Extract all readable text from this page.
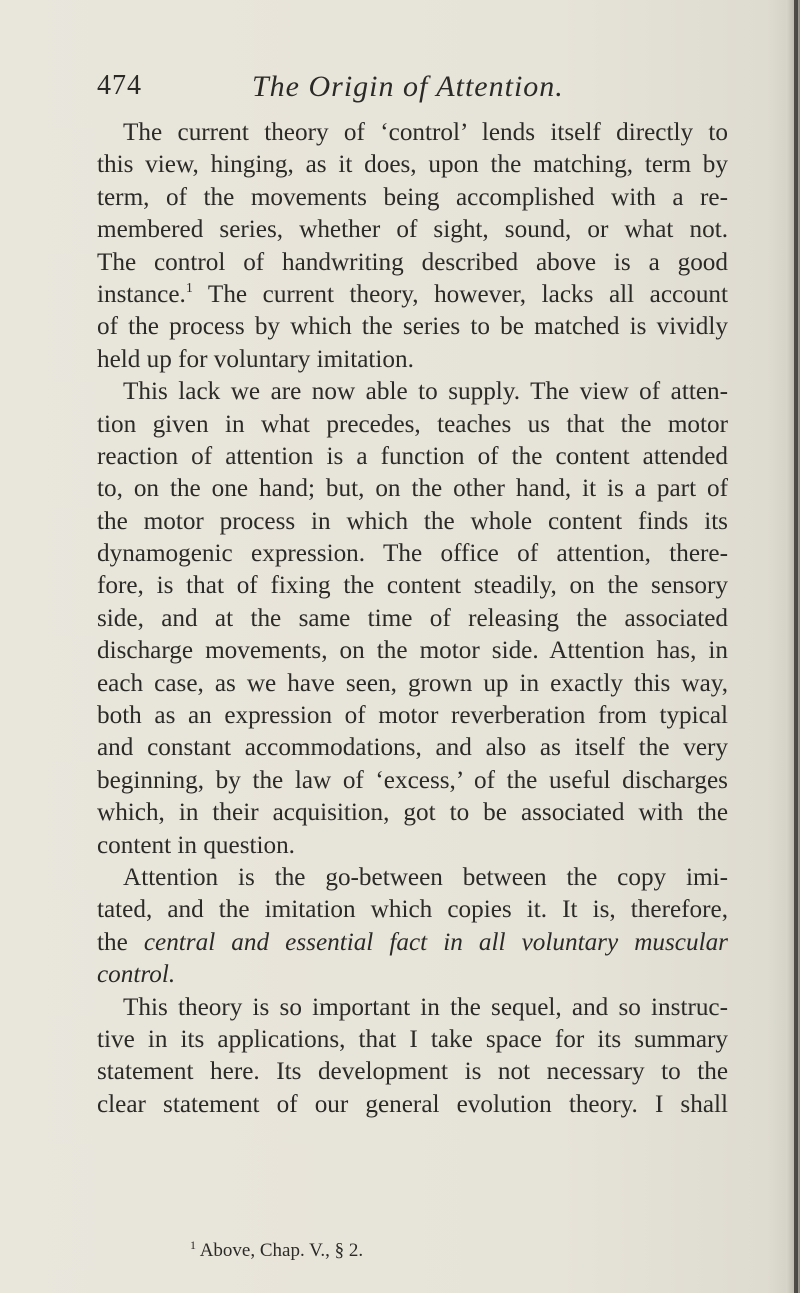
474	The Origin of Attention.
The current theory of ‘control’ lends itself directly to
this view, hinging, as it does, upon the matching, term by
term, of the movements being accomplished with a re-
membered series, whether of sight, sound, or what not.
The control of handwriting described above is a good
instance.$^1$ The current theory, however, lacks all account
of the process by which the series to be matched is vividly
held up for voluntary imitation.
This lack we are now able to supply. The view of atten-
tion given in what precedes, teaches us that the motor
reaction of attention is a function of the content attended
to, on the one hand; but, on the other hand, it is a part of
the motor process in which the whole content finds its
dynamogenic expression. The office of attention, there-
fore, is that of fixing the content steadily, on the sensory
side, and at the same time of releasing the associated
discharge movements, on the motor side. Attention has, in
each case, as we have seen, grown up in exactly this way,
both as an expression of motor reverberation from typical
and constant accommodations, and also as itself the very
beginning, by the law of ‘excess,’ of the useful discharges
which, in their acquisition, got to be associated with the
content in question.
Attention is the go-between between the copy imi-
tated, and the imitation which copies it. It is, therefore,
the central and essential fact in all voluntary muscular
control.
This theory is so important in the sequel, and so instruc-
tive in its applications, that I take space for its summary
statement here. Its development is not necessary to the
clear statement of our general evolution theory. I shall
$^1$ Above, Chap. V., § 2.
